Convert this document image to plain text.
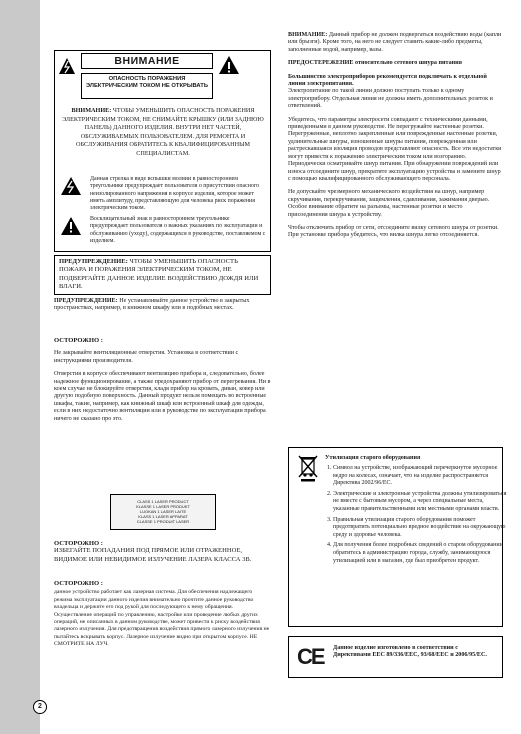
ВНИМАНИЕ
ОПАСНОСТЬ ПОРАЖЕНИЯ ЭЛЕКТРИЧЕСКИМ ТОКОМ НЕ ОТКРЫВАТЬ
ВНИМАНИЕ: ЧТОБЫ УМЕНЬШИТЬ ОПАСНОСТЬ ПОРАЖЕНИЯ ЭЛЕКТРИЧЕСКИМ ТОКОМ, НЕ СНИМАЙТЕ КРЫШКУ (ИЛИ ЗАДНЮЮ ПАНЕЛЬ) ДАННОГО ИЗДЕЛИЯ. ВНУТРИ НЕТ ЧАСТЕЙ, ОБСЛУЖИВАЕМЫХ ПОЛЬЗОВАТЕЛЕМ. ДЛЯ РЕМОНТА И ОБСЛУЖИВАНИЯ ОБРАТИТЕСЬ К КВАЛИФИЦИРОВАННЫМ СПЕЦИАЛИСТАМ.

Данная стрелка в виде вспышки молнии в равностороннем треугольнике предупреждает пользователя о присутствии опасного неизолированного напряжения в корпусе изделия, которое может иметь амплитуду, представляющую для человека риск поражения электрическим током.

Восклицательный знак в равностороннем треугольнике предупреждает пользователя о важных указаниях по эксплуатации и обслуживанию (уходу), содержащихся в руководстве, поставляемом с изделием.

ПРЕДУПРЕЖДЕНИЕ: ЧТОБЫ УМЕНЬШИТЬ ОПАСНОСТЬ ПОЖАРА И ПОРАЖЕНИЯ ЭЛЕКТРИЧЕСКИМ ТОКОМ, НЕ ПОДВЕРГАЙТЕ ДАННОЕ ИЗДЕЛИЕ ВОЗДЕЙСТВИЮ ДОЖДЯ ИЛИ ВЛАГИ.

ПРЕДУПРЕЖДЕНИЕ: Не устанавливайте данное устройство в закрытых пространствах, например, в книжном шкафу или в подобных местах.

ОСТОРОЖНО :

Не закрывайте вентиляционные отверстия. Установка в соответствии с инструкциями производителя.

Отверстия в корпусе обеспечивают вентиляцию прибора и, следовательно, более надежное функционирование, а также предохраняют прибор от перегревания. Ни в коем случае не блокируйте отверстия, кладя прибор на кровать, диван, ковер или другую подобную поверхность. Данный продукт нельзя помещать во встроенные шкафы, такие, например, как книжный шкаф или встроенный шкаф для одежды, если в них недостаточно вентиляции или в руководстве по эксплуатации прибора ничего не сказано про это.

CLASS 1 LASER PRODUCT
KLASSE 1 LASER PRODUKT
LUOKAN 1 LASER LAITE
KLASS 1 LASER APPARAT
CLASSE 1 PRODUIT LASER

ОСТОРОЖНО :

ИЗБЕГАЙТЕ ПОПАДАНИЯ ПОД ПРЯМОЕ ИЛИ ОТРАЖЕННОЕ, ВИДИМОЕ ИЛИ НЕВИДИМОЕ ИЗЛУЧЕНИЕ ЛАЗЕРА КЛАССА 3В.

ОСТОРОЖНО :

данное устройство работает как лазерная система. Для обеспечения надлежащего режима эксплуатации данного изделия внимательно прочтите данное руководство владельца и держите его под рукой для последующего к нему обращения. Осуществление операций по управлению, настройке или проведение любых других операций, не описанных в данном руководстве, может привести к риску воздействия лазерного излучения. Для предотвращения воздействия прямого лазерного излучения не пытайтесь вскрывать корпус. Лазерное излучение видно при открытом корпусе. НЕ СМОТРИТЕ НА ЛУЧ.

ВНИМАНИЕ: Данный прибор не должен подвергаться воздействию воды (капли или брызги). Кроме того, на него не следует ставить какие-либо предметы, заполненные водой, например, вазы.

ПРЕДОСТЕРЕЖЕНИЕ относительно сетевого шнура питания

Большинство электроприборов рекомендуется подключать к отдельной линии электропитания.

Электропитание по такой линии должно поступать только к одному электроприбору. Отдельная линия не должна иметь дополнительных розеток и ответвлений.

Убедитесь, что параметры электросети совпадают с техническими данными, приведенными в данном руководстве. Не перегружайте настенные розетки. Перегруженные, неплотно закрепленные или поврежденные настенные розетки, удлинительные шнуры, изношенные шнуры питания, поврежденная или растрескавшаяся изоляция проводов представляют опасность. Все эти недостатки могут привести к поражению электрическим током или возгоранию. Периодически осматривайте шнур питания. При обнаружении повреждений или износа отсоедините шнур, прекратите эксплуатацию устройства и замените шнур с помощью квалифицированного обслуживающего персонала.

Не допускайте чрезмерного механического воздействия на шнур, например скручивания, перекручивания, защемления, сдавливания, зажимания дверью. Особое внимание обратите на разъемы, настенные розетки и место присоединения шнура к устройству.

Чтобы отключить прибор от сети, отсоедините вилку сетевого шнура от розетки. При установке прибора убедитесь, что вилка шнура легко отсоединяется.

Утилизация старого оборудования

1. Символ на устройстве, изображающий перечеркнутое мусорное ведро на колесах, означает, что на изделие распространяется Директива 2002/96/ЕС.
2. Электрические и электронные устройства должны утилизироваться не вместе с бытовым мусором, а через специальные места, указанные правительственными или местными органами власти.
3. Правильная утилизация старого оборудования поможет предотвратить потенциально вредное воздействие на окружающую среду и здоровье человека.
4. Для получения более подробных сведений о старом оборудовании обратитесь в администрацию города, службу, занимающуюся утилизацией или в магазин, где был приобретен продукт.
CE	Данное изделие изготовлено в соответствии с Директивами EEC 89/336/EEC, 93/68/EEC и 2006/95/EC.

2
